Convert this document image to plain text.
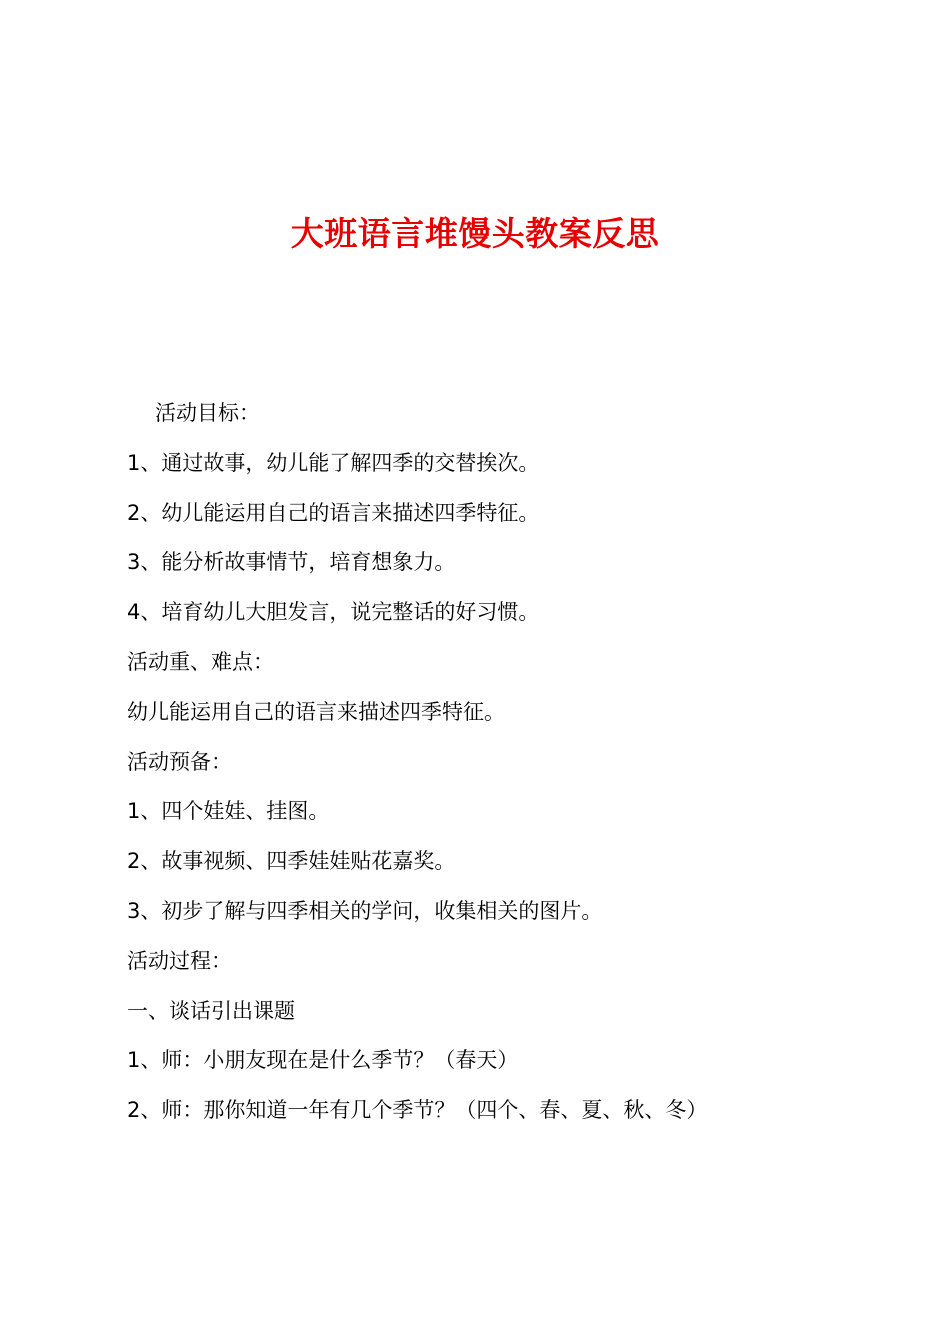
大班语言堆馒头教案反思
活动目标：
1、通过故事，幼儿能了解四季的交替挨次。
2、幼儿能运用自己的语言来描述四季特征。
3、能分析故事情节，培育想象力。
4、培育幼儿大胆发言，说完整话的好习惯。
活动重、难点：
幼儿能运用自己的语言来描述四季特征。
活动预备：
1、四个娃娃、挂图。
2、故事视频、四季娃娃贴花嘉奖。
3、初步了解与四季相关的学问，收集相关的图片。
活动过程：
一、谈话引出课题
1、师：小朋友现在是什么季节？（春天）
2、师：那你知道一年有几个季节？（四个、春、夏、秋、冬）
